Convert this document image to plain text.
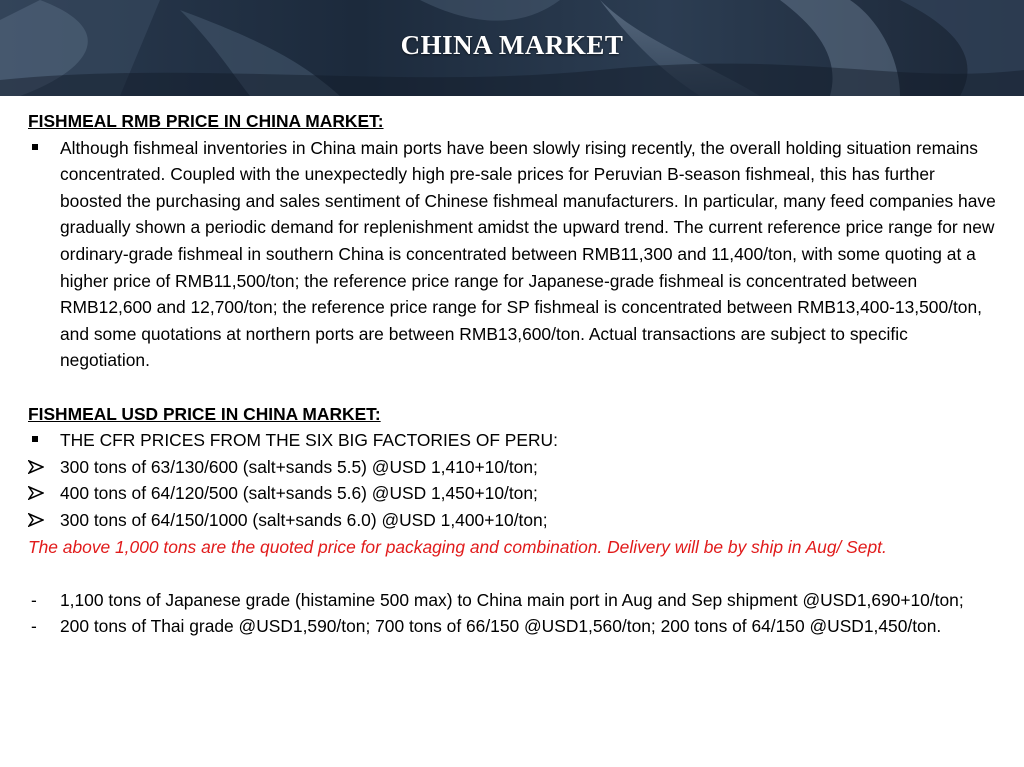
CHINA MARKET

FISHMEAL RMB PRICE IN CHINA MARKET:

Although fishmeal inventories in China main ports have been slowly rising recently, the overall holding situation remains concentrated. Coupled with the unexpectedly high pre-sale prices for Peruvian B-season fishmeal, this has further boosted the purchasing and sales sentiment of Chinese fishmeal manufacturers. In particular, many feed companies have gradually shown a periodic demand for replenishment amidst the upward trend. The current reference price range for new ordinary-grade fishmeal in southern China is concentrated between RMB11,300 and 11,400/ton, with some quoting at a higher price of RMB11,500/ton; the reference price range for Japanese-grade fishmeal is concentrated between RMB12,600 and 12,700/ton; the reference price range for SP fishmeal is concentrated between RMB13,400-13,500/ton, and some quotations at northern ports are between RMB13,600/ton. Actual transactions are subject to specific negotiation.

FISHMEAL USD PRICE IN CHINA MARKET:

THE CFR PRICES FROM THE SIX BIG FACTORIES OF PERU:

300 tons of 63/130/600 (salt+sands 5.5) @USD 1,410+10/ton;

400 tons of 64/120/500 (salt+sands 5.6) @USD 1,450+10/ton;

300 tons of 64/150/1000 (salt+sands 6.0) @USD 1,400+10/ton;

The above 1,000 tons are the quoted price for packaging and combination. Delivery will be by ship in Aug/ Sept.

- 1,100 tons of Japanese grade (histamine 500 max) to China main port in Aug and Sep shipment @USD1,690+10/ton;

- 200 tons of Thai grade @USD1,590/ton; 700 tons of 66/150 @USD1,560/ton; 200 tons of 64/150 @USD1,450/ton.
